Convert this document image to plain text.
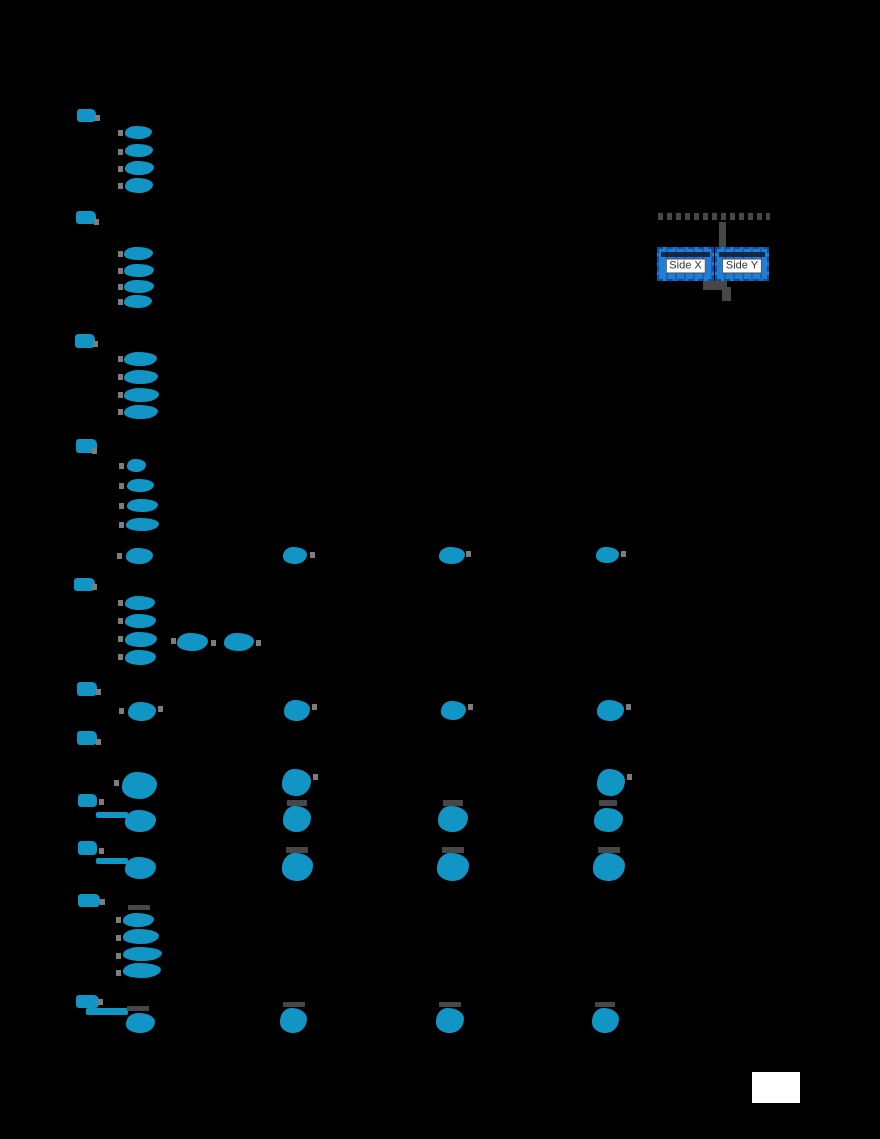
Side X	Side Y
